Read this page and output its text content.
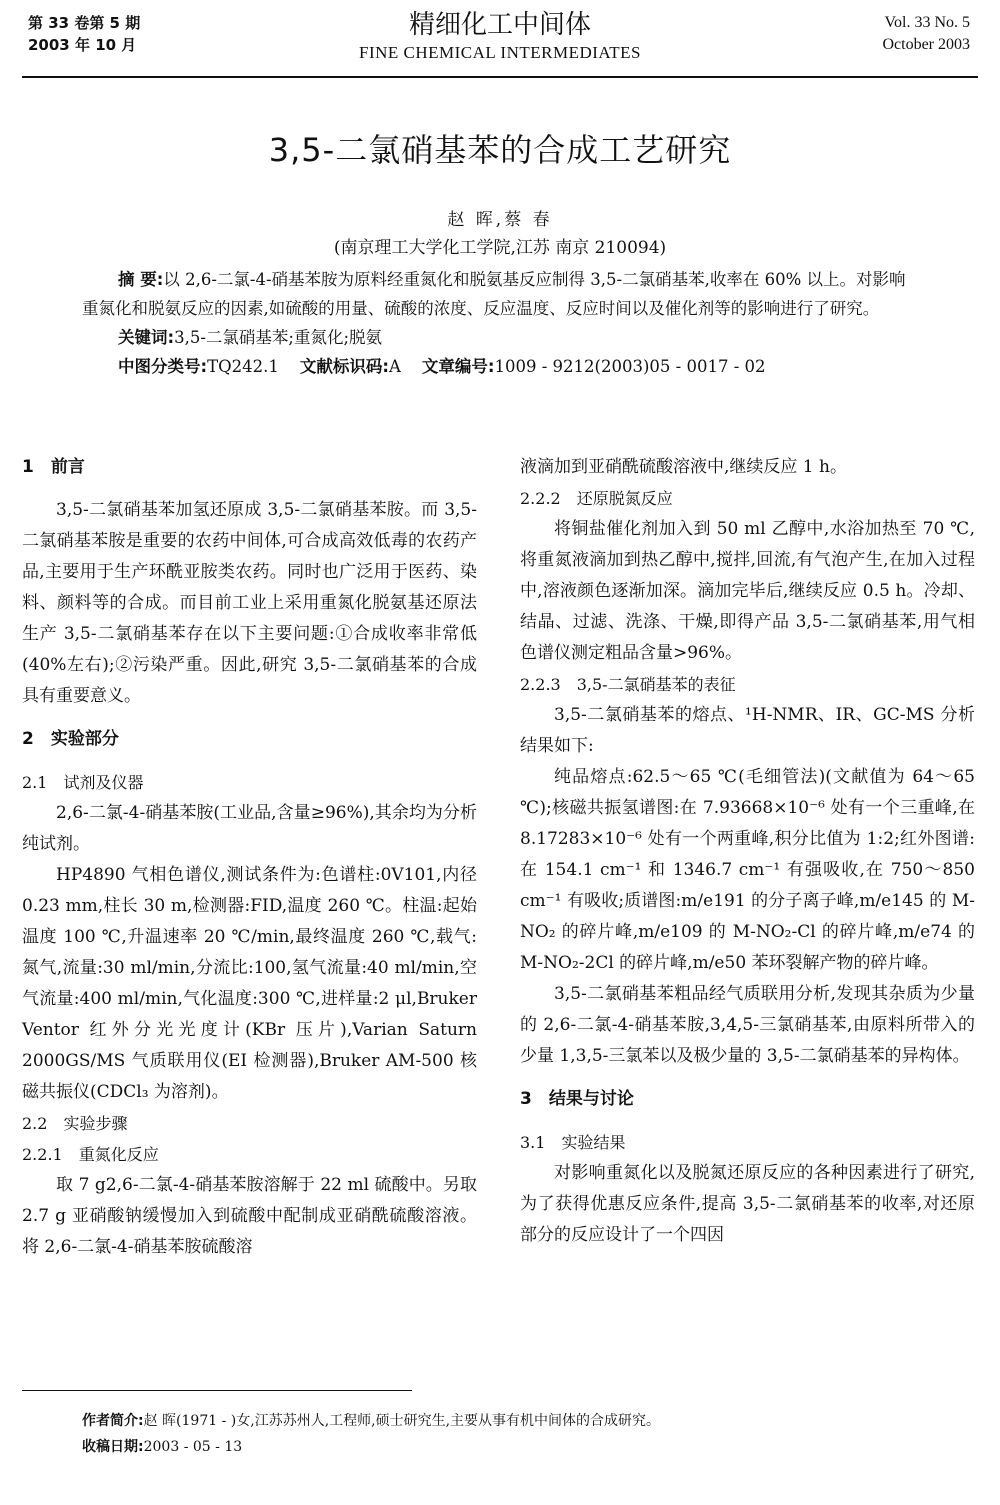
第 33 卷第 5 期
2003 年 10 月
精细化工中间体
FINE CHEMICAL INTERMEDIATES
Vol. 33 No. 5
October 2003
3,5-二氯硝基苯的合成工艺研究
赵 晖,蔡 春
(南京理工大学化工学院,江苏 南京 210094)

摘 要:以 2,6-二氯-4-硝基苯胺为原料经重氮化和脱氨基反应制得 3,5-二氯硝基苯,收率在 60% 以上。对影响重氮化和脱氨反应的因素,如硫酸的用量、硫酸的浓度、反应温度、反应时间以及催化剂等的影响进行了研究。

关键词:3,5-二氯硝基苯;重氮化;脱氨

中图分类号:TQ242.1 文献标识码:A 文章编号:1009 - 9212(2003)05 - 0017 - 02

1　前言

3,5-二氯硝基苯加氢还原成 3,5-二氯硝基苯胺。而 3,5-二氯硝基苯胺是重要的农药中间体,可合成高效低毒的农药产品,主要用于生产环酰亚胺类农药。同时也广泛用于医药、染料、颜料等的合成。而目前工业上采用重氮化脱氨基还原法生产 3,5-二氯硝基苯存在以下主要问题:①合成收率非常低(40%左右);②污染严重。因此,研究 3,5-二氯硝基苯的合成具有重要意义。

2　实验部分
2.1　试剂及仪器

2,6-二氯-4-硝基苯胺(工业品,含量≥96%),其余均为分析纯试剂。

HP4890 气相色谱仪,测试条件为:色谱柱:0V101,内径 0.23 mm,柱长 30 m,检测器:FID,温度 260 ℃。柱温:起始温度 100 ℃,升温速率 20 ℃/min,最终温度 260 ℃,载气:氮气,流量:30 ml/min,分流比:100,氢气流量:40 ml/min,空气流量:400 ml/min,气化温度:300 ℃,进样量:2 μl,Bruker Ventor 红外分光光度计(KBr 压片),Varian Saturn 2000GS/MS 气质联用仪(EI 检测器),Bruker AM-500 核磁共振仪(CDCl₃ 为溶剂)。

2.2　实验步骤
2.2.1　重氮化反应

取 7 g2,6-二氯-4-硝基苯胺溶解于 22 ml 硫酸中。另取 2.7 g 亚硝酸钠缓慢加入到硫酸中配制成亚硝酰硫酸溶液。将 2,6-二氯-4-硝基苯胺硫酸溶

液滴加到亚硝酰硫酸溶液中,继续反应 1 h。

2.2.2　还原脱氮反应

将铜盐催化剂加入到 50 ml 乙醇中,水浴加热至 70 ℃,将重氮液滴加到热乙醇中,搅拌,回流,有气泡产生,在加入过程中,溶液颜色逐渐加深。滴加完毕后,继续反应 0.5 h。冷却、结晶、过滤、洗涤、干燥,即得产品 3,5-二氯硝基苯,用气相色谱仪测定粗品含量>96%。

2.2.3　3,5-二氯硝基苯的表征

3,5-二氯硝基苯的熔点、¹H-NMR、IR、GC-MS 分析结果如下:

纯品熔点:62.5～65 ℃(毛细管法)(文献值为 64～65 ℃);核磁共振氢谱图:在 7.93668×10⁻⁶ 处有一个三重峰,在 8.17283×10⁻⁶ 处有一个两重峰,积分比值为 1:2;红外图谱:在 154.1 cm⁻¹ 和 1346.7 cm⁻¹ 有强吸收,在 750～850 cm⁻¹ 有吸收;质谱图:m/e191 的分子离子峰,m/e145 的 M-NO₂ 的碎片峰,m/e109 的 M-NO₂-Cl 的碎片峰,m/e74 的 M-NO₂-2Cl 的碎片峰,m/e50 苯环裂解产物的碎片峰。

3,5-二氯硝基苯粗品经气质联用分析,发现其杂质为少量的 2,6-二氯-4-硝基苯胺,3,4,5-三氯硝基苯,由原料所带入的少量 1,3,5-三氯苯以及极少量的 3,5-二氯硝基苯的异构体。

3　结果与讨论
3.1　实验结果

对影响重氮化以及脱氮还原反应的各种因素进行了研究,为了获得优惠反应条件,提高 3,5-二氯硝基苯的收率,对还原部分的反应设计了一个四因

作者简介:赵 晖(1971 - )女,江苏苏州人,工程师,硕士研究生,主要从事有机中间体的合成研究。
收稿日期:2003 - 05 - 13
